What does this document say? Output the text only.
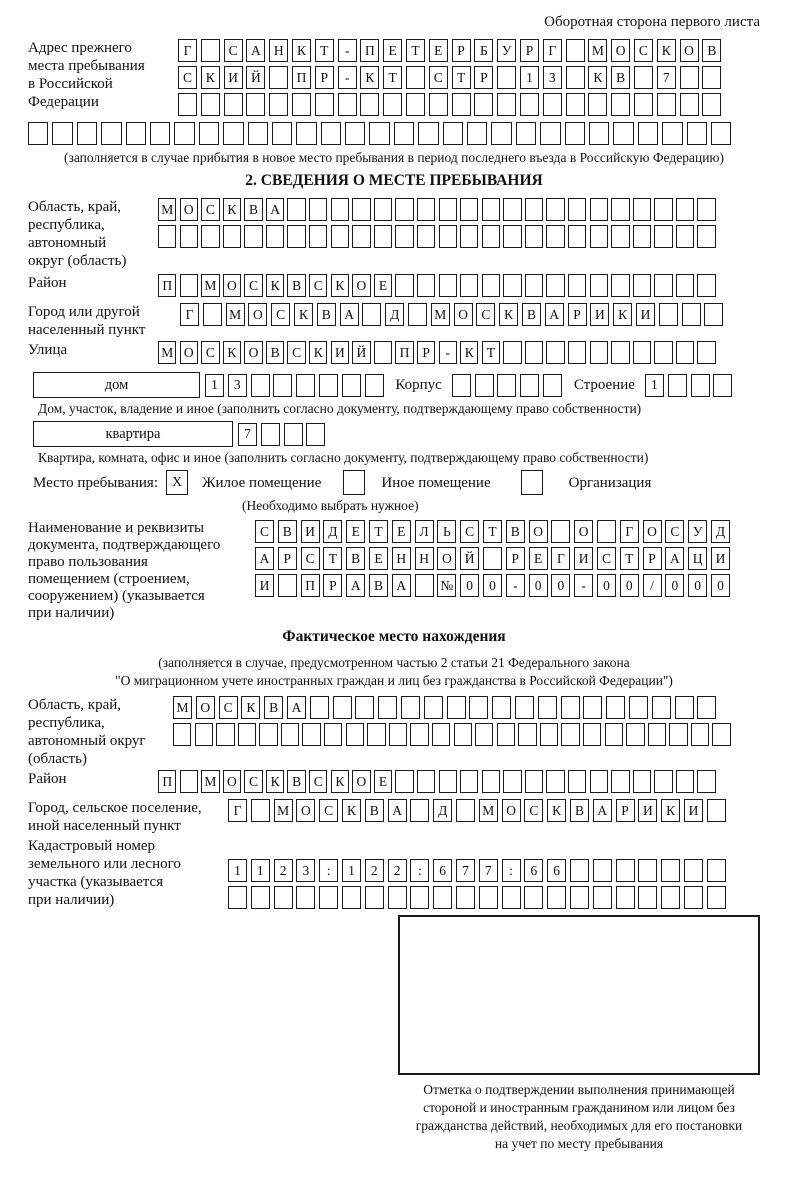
Оборотная сторона первого листа
Адрес прежнего
места пребывания
в Российской
Федерации
Г	С А Н К	Т	-	П	Е	Т	Е	Р	Б	У	Р	Г	М О С	К О В
С	К И Й	П	Р	-	К	Т	С	Т	Р	1	3	К	В	7
(заполняется в случае прибытия в новое место пребывания в период последнего въезда в Российскую Федерацию)
2. СВЕДЕНИЯ О МЕСТЕ ПРЕБЫВАНИЯ
Область, край,
республика,
автономный
округ (область)
М О С К В А
Район	П	М О С К В С К О Е
Город или другой
населенный пункт
Г	М О С	К	В А	Д	М О С	К	В А	Р	И К И
Улица	М О С К О В С К И Й	П Р	-	К Т
дом	1	3	Корпус	Строение	1
Дом, участок, владение и иное (заполнить согласно документу, подтверждающему право собственности)
квартира	7
Квартира, комната, офис и иное (заполнить согласно документу, подтверждающему право собственности)
Место пребывания: X	Жилое помещение	Иное помещение	Организация
(Необходимо выбрать нужное)
Наименование и реквизиты
документа, подтверждающего
право пользования
помещением (строением,
сооружением) (указывается
при наличии)
С	В И Д	Е	Т	Е	Л	Ь	С	Т	В О	О	Г	О С	У Д
А	Р	С	Т	В	Е	Н Н О Й	Р	Е	Г	И С	Т	Р	А Ц И
И	П	Р	А В А	№ 0	0	-	0	0	-	0	0	/	0	0	0
Фактическое место нахождения
(заполняется в случае, предусмотренном частью 2 статьи 21 Федерального закона
"О миграционном учете иностранных граждан и лиц без гражданства в Российской Федерации")
Область, край,
республика,
автономный округ
(область)
М О С	К	В А
Район	П	М О С К В С К О Е
Город, сельское поселение,
иной населенный пункт
Г	М О С	К	В А	Д	М О С	К	В А	Р	И К И
Кадастровый номер
земельного или лесного
участка (указывается
при наличии)
1	1	2	3	:	1	2	2	:	6	7	7	:	6	6
Отметка о подтверждении выполнения принимающей
стороной и иностранным гражданином или лицом без
гражданства действий, необходимых для его постановки
на учет по месту пребывания
